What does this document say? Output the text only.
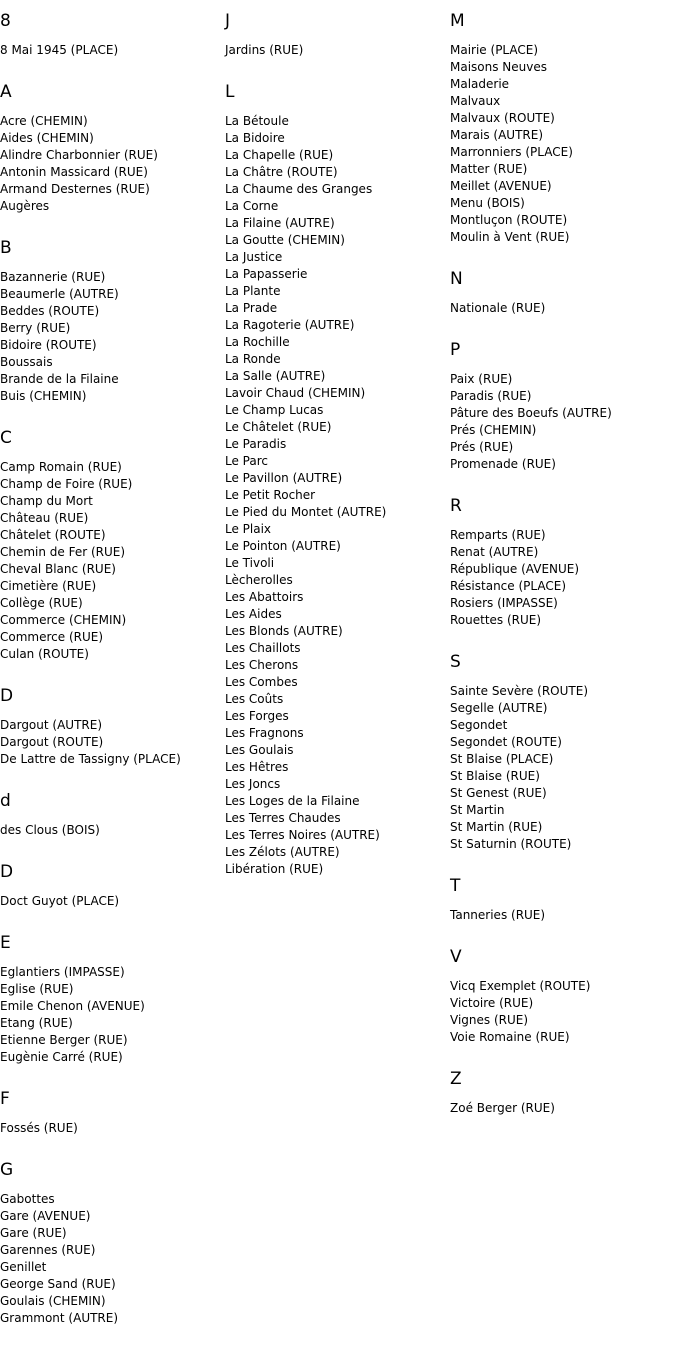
8
8 Mai 1945 (PLACE)
A
Acre (CHEMIN)
Aides (CHEMIN)
Alindre Charbonnier (RUE)
Antonin Massicard (RUE)
Armand Desternes (RUE)
Augères
B
Bazannerie (RUE)
Beaumerle (AUTRE)
Beddes (ROUTE)
Berry (RUE)
Bidoire (ROUTE)
Boussais
Brande de la Filaine
Buis (CHEMIN)
C
Camp Romain (RUE)
Champ de Foire (RUE)
Champ du Mort
Château (RUE)
Châtelet (ROUTE)
Chemin de Fer (RUE)
Cheval Blanc (RUE)
Cimetière (RUE)
Collège (RUE)
Commerce (CHEMIN)
Commerce (RUE)
Culan (ROUTE)
D
Dargout (AUTRE)
Dargout (ROUTE)
De Lattre de Tassigny (PLACE)
d
des Clous (BOIS)
D
Doct Guyot (PLACE)
E
Eglantiers (IMPASSE)
Eglise (RUE)
Emile Chenon (AVENUE)
Etang (RUE)
Etienne Berger (RUE)
Eugènie Carré (RUE)
F
Fossés (RUE)
G
Gabottes
Gare (AVENUE)
Gare (RUE)
Garennes (RUE)
Genillet
George Sand (RUE)
Goulais (CHEMIN)
Grammont (AUTRE)
J
Jardins (RUE)
L
La Bétoule
La Bidoire
La Chapelle (RUE)
La Châtre (ROUTE)
La Chaume des Granges
La Corne
La Filaine (AUTRE)
La Goutte (CHEMIN)
La Justice
La Papasserie
La Plante
La Prade
La Ragoterie (AUTRE)
La Rochille
La Ronde
La Salle (AUTRE)
Lavoir Chaud (CHEMIN)
Le Champ Lucas
Le Châtelet (RUE)
Le Paradis
Le Parc
Le Pavillon (AUTRE)
Le Petit Rocher
Le Pied du Montet (AUTRE)
Le Plaix
Le Pointon (AUTRE)
Le Tivoli
Lècherolles
Les Abattoirs
Les Aides
Les Blonds (AUTRE)
Les Chaillots
Les Cherons
Les Combes
Les Coûts
Les Forges
Les Fragnons
Les Goulais
Les Hêtres
Les Joncs
Les Loges de la Filaine
Les Terres Chaudes
Les Terres Noires (AUTRE)
Les Zélots (AUTRE)
Libération (RUE)
M
Mairie (PLACE)
Maisons Neuves
Maladerie
Malvaux
Malvaux (ROUTE)
Marais (AUTRE)
Marronniers (PLACE)
Matter (RUE)
Meillet (AVENUE)
Menu (BOIS)
Montluçon (ROUTE)
Moulin à Vent (RUE)
N
Nationale (RUE)
P
Paix (RUE)
Paradis (RUE)
Pâture des Boeufs (AUTRE)
Prés (CHEMIN)
Prés (RUE)
Promenade (RUE)
R
Remparts (RUE)
Renat (AUTRE)
République (AVENUE)
Résistance (PLACE)
Rosiers (IMPASSE)
Rouettes (RUE)
S
Sainte Sevère (ROUTE)
Segelle (AUTRE)
Segondet
Segondet (ROUTE)
St Blaise (PLACE)
St Blaise (RUE)
St Genest (RUE)
St Martin
St Martin (RUE)
St Saturnin (ROUTE)
T
Tanneries (RUE)
V
Vicq Exemplet (ROUTE)
Victoire (RUE)
Vignes (RUE)
Voie Romaine (RUE)
Z
Zoé Berger (RUE)
